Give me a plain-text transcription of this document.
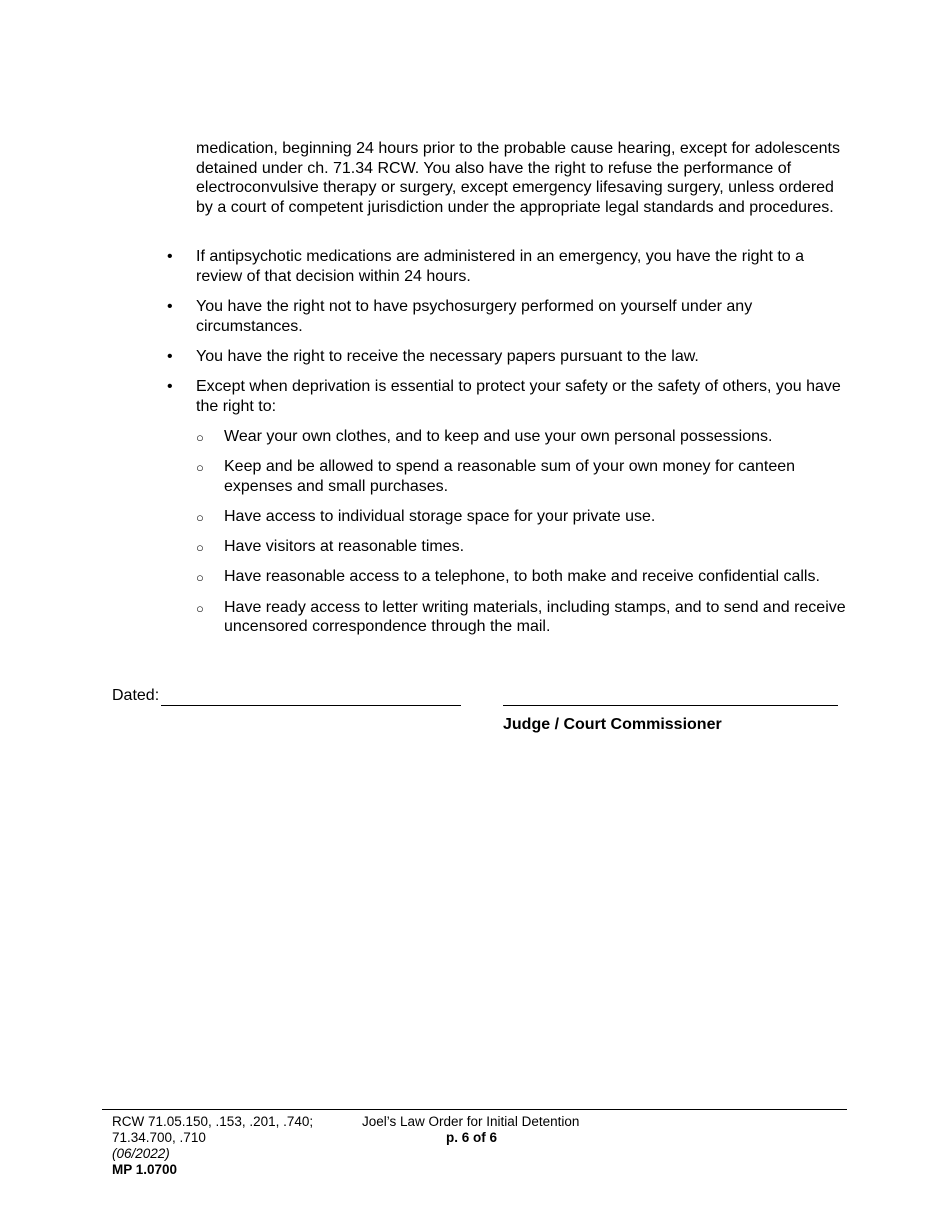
medication, beginning 24 hours prior to the probable cause hearing, except for adolescents detained under ch. 71.34 RCW. You also have the right to refuse the performance of electroconvulsive therapy or surgery, except emergency lifesaving surgery, unless ordered by a court of competent jurisdiction under the appropriate legal standards and procedures.

• If antipsychotic medications are administered in an emergency, you have the right to a review of that decision within 24 hours.
• You have the right not to have psychosurgery performed on yourself under any circumstances.
• You have the right to receive the necessary papers pursuant to the law.
• Except when deprivation is essential to protect your safety or the safety of others, you have the right to:
○ Wear your own clothes, and to keep and use your own personal possessions.
○ Keep and be allowed to spend a reasonable sum of your own money for canteen expenses and small purchases.
○ Have access to individual storage space for your private use.
○ Have visitors at reasonable times.
○ Have reasonable access to a telephone, to both make and receive confidential calls.
○ Have ready access to letter writing materials, including stamps, and to send and receive uncensored correspondence through the mail.
Dated:
Judge / Court Commissioner
RCW 71.05.150, .153, .201, .740;
71.34.700, .710
(06/2022)
MP 1.0700
Joel’s Law Order for Initial Detention
p. 6 of 6
